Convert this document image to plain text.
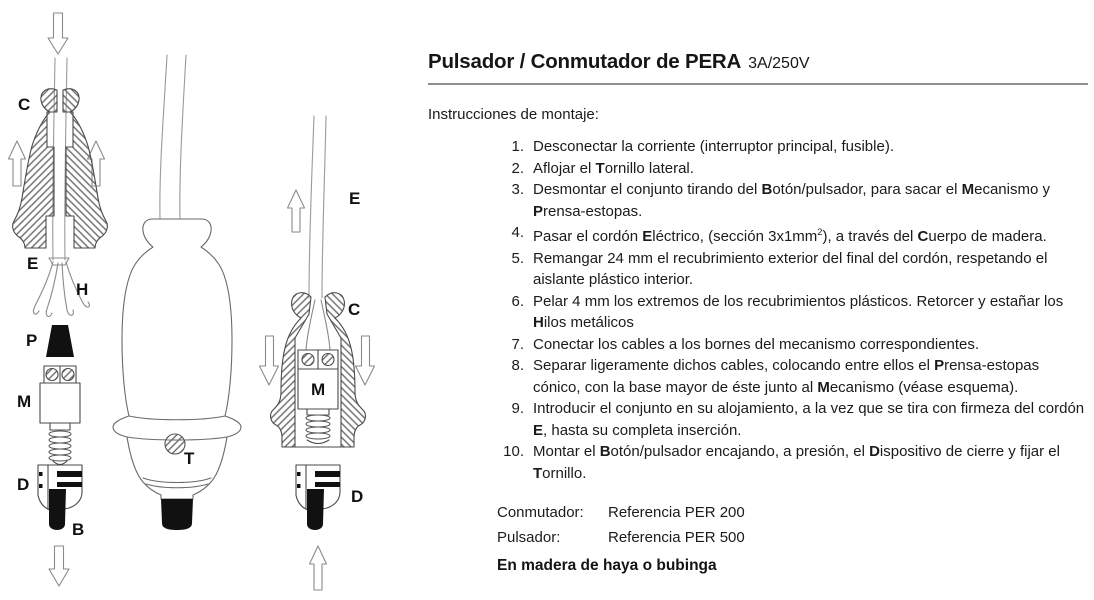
C
E
H
P
M
D
B
T
E
C
M
D
Pulsador / Conmutador de PERA 3A/250V
Instrucciones de montaje:
1. Desconectar la corriente (interruptor principal, fusible).
2. Aflojar el Tornillo lateral.
3. Desmontar el conjunto tirando del Botón/pulsador, para sacar el Mecanismo y Prensa-estopas.
4. Pasar el cordón Eléctrico, (sección $3x1mm^2$), a través del Cuerpo de madera.
5. Remangar 24 mm el recubrimiento exterior del final del cordón, respetando el aislante plástico interior.
6. Pelar 4 mm los extremos de los recubrimientos plásticos. Retorcer y estañar los Hilos metálicos
7. Conectar los cables a los bornes del mecanismo correspondientes.
8. Separar ligeramente dichos cables, colocando entre ellos el Prensa-estopas cónico, con la base mayor de éste junto al Mecanismo (véase esquema).
9. Introducir el conjunto en su alojamiento, a la vez que se tira con firmeza del cordón E, hasta su completa inserción.
10. Montar el Botón/pulsador encajando, a presión, el Dispositivo de cierre y fijar el Tornillo.
Conmutador:	Referencia PER 200
Pulsador:	Referencia PER 500
En madera de haya o bubinga
